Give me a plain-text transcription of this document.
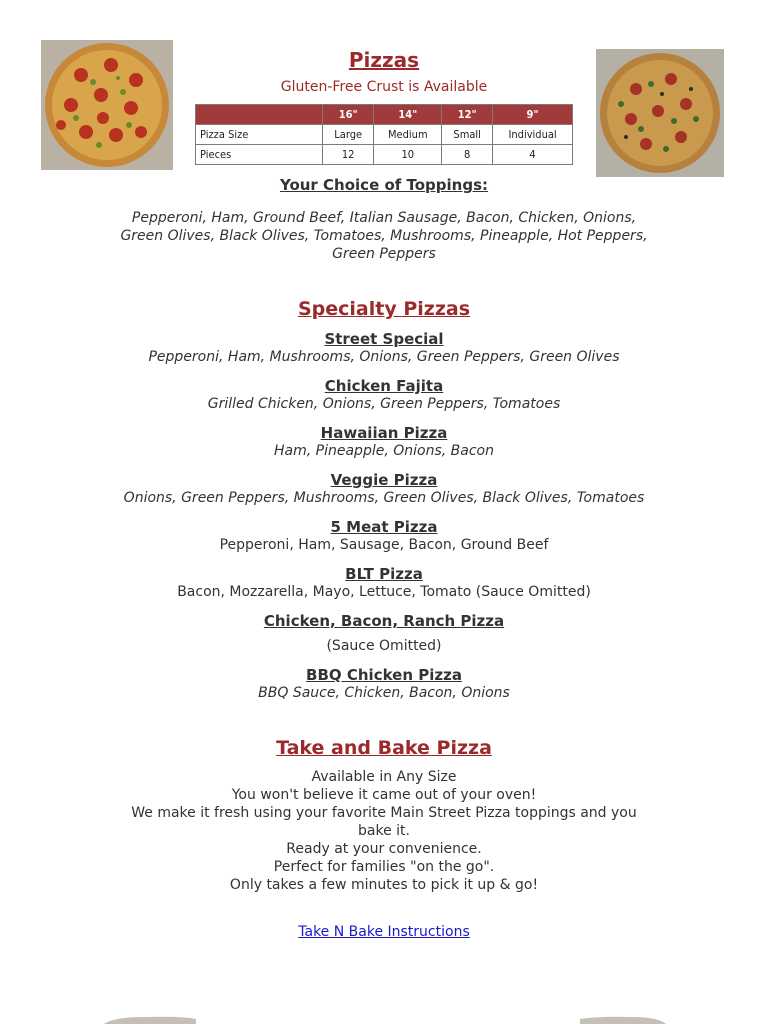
Pizzas
Gluten-Free Crust is Available
	16"	14"	12"	9"
Pizza Size	Large	Medium	Small	Individual
Pieces	12	10	8	4
Your Choice of Toppings:
Pepperoni, Ham, Ground Beef, Italian Sausage, Bacon, Chicken, Onions,
Green Olives, Black Olives, Tomatoes, Mushrooms, Pineapple, Hot Peppers,
Green Peppers
Specialty Pizzas
Street Special
Pepperoni, Ham, Mushrooms, Onions, Green Peppers, Green Olives
Chicken Fajita
Grilled Chicken, Onions, Green Peppers, Tomatoes
Hawaiian Pizza
Ham, Pineapple, Onions, Bacon
Veggie Pizza
Onions, Green Peppers, Mushrooms, Green Olives, Black Olives, Tomatoes
5 Meat Pizza
Pepperoni, Ham, Sausage, Bacon, Ground Beef
BLT Pizza
Bacon, Mozzarella, Mayo, Lettuce, Tomato (Sauce Omitted)
Chicken, Bacon, Ranch Pizza
(Sauce Omitted)
BBQ Chicken Pizza
BBQ Sauce, Chicken, Bacon, Onions
Take and Bake Pizza
Available in Any Size
You won't believe it came out of your oven!
We make it fresh using your favorite Main Street Pizza toppings and you
bake it.
Ready at your convenience.
Perfect for families "on the go".
Only takes a few minutes to pick it up & go!
Take N Bake Instructions
